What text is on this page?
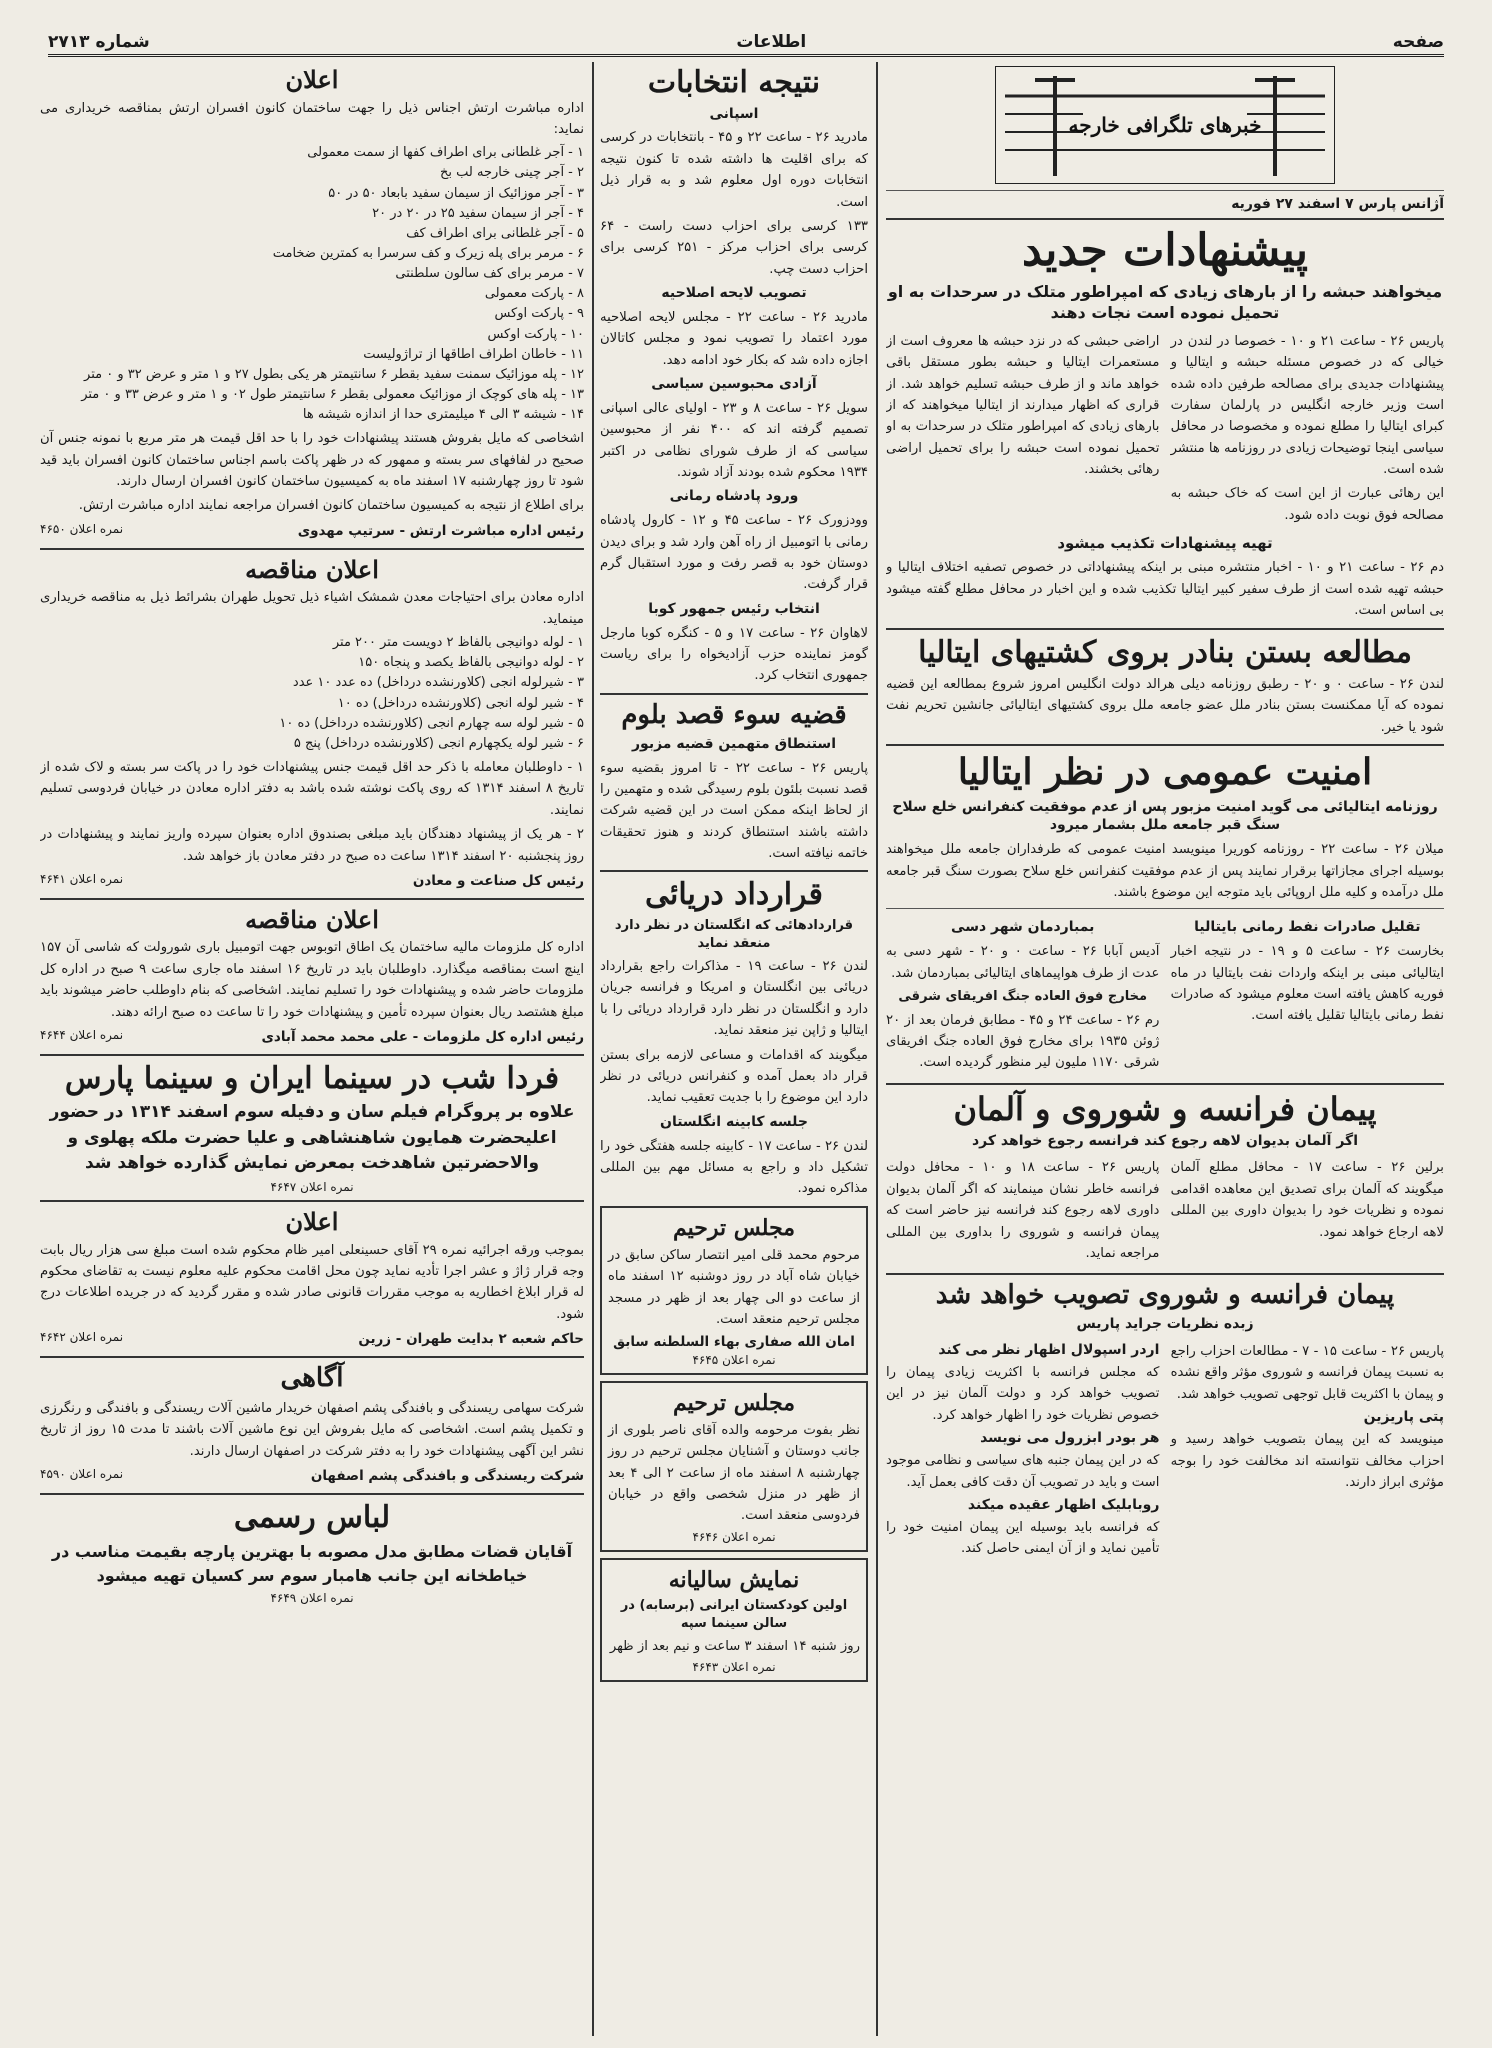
صفحه
اطلاعات
شماره ۲۷۱۳
خبرهای تلگرافی خارجه
آژانس پارس ۷ اسفند ۲۷ فوریه
پیشنهادات جدید
میخواهند حبشه را از بارهای زیادی که امپراطور متلک در سرحدات به او تحمیل نموده است نجات دهند

پاریس ۲۶ - ساعت ۲۱ و ۱۰ - خصوصا در لندن در خیالی که در خصوص مسئله حبشه و ایتالیا و پیشنهادات جدیدی برای مصالحه طرفین داده شده است وزیر خارجه انگلیس در پارلمان سفارت کبرای ایتالیا را مطلع نموده و مخصوصا در محافل سیاسی اینجا توضیحات زیادی در روزنامه ها منتشر شده است.

این رهائی عبارت از این است که خاک حبشه به مصالحه فوق نوبت داده شود.

اراضی حبشی که در نزد حبشه ها معروف است از مستعمرات ایتالیا و حبشه بطور مستقل باقی خواهد ماند و از طرف حبشه تسلیم خواهد شد. از قراری که اظهار میدارند از ایتالیا میخواهند که از بارهای زیادی که امپراطور متلک در سرحدات به او تحمیل نموده است حبشه را برای تحمیل اراضی رهائی بخشند.

تهیه پیشنهادات تکذیب میشود

دم ۲۶ - ساعت ۲۱ و ۱۰ - اخبار منتشره مبنی بر اینکه پیشنهاداتی در خصوص تصفیه اختلاف ایتالیا و حبشه تهیه شده است از طرف سفیر کبیر ایتالیا تکذیب شده و این اخبار در محافل مطلع گفته میشود بی اساس است.

مطالعه بستن بنادر بروی کشتیهای ایتالیا

لندن ۲۶ - ساعت ۰ و ۲۰ - رطبق روزنامه دیلی هرالد دولت انگلیس امروز شروع بمطالعه این قضیه نموده که آیا ممکنست بستن بنادر ملل عضو جامعه ملل بروی کشتیهای ایتالیائی جانشین تحریم نفت شود یا خیر.

امنیت عمومی در نظر ایتالیا
روزنامه ایتالیائی می گوید امنیت مزبور پس از عدم موفقیت کنفرانس خلع سلاح سنگ قبر جامعه ملل بشمار میرود

میلان ۲۶ - ساعت ۲۲ - روزنامه کوریرا مینویسد امنیت عمومی که طرفداران جامعه ملل میخواهند بوسیله اجرای مجازاتها برقرار نمایند پس از عدم موفقیت کنفرانس خلع سلاح بصورت سنگ قبر جامعه ملل درآمده و کلیه ملل اروپائی باید متوجه این موضوع باشند.

تقلیل صادرات نفط رمانی بایتالیا

بخارست ۲۶ - ساعت ۵ و ۱۹ - در نتیجه اخبار ایتالیائی مبنی بر اینکه واردات نفت بایتالیا در ماه فوریه کاهش یافته است معلوم میشود که صادرات نفط رمانی بایتالیا تقلیل یافته است.

بمباردمان شهر دسی

آدیس آبابا ۲۶ - ساعت ۰ و ۲۰ - شهر دسی به عدت از طرف هواپیماهای ایتالیائی بمباردمان شد.

مخارج فوق العاده جنگ افریقای شرقی

رم ۲۶ - ساعت ۲۴ و ۴۵ - مطابق فرمان بعد از ۲۰ ژوئن ۱۹۳۵ برای مخارج فوق العاده جنگ افریقای شرقی ۱۱۷۰ ملیون لیر منظور گردیده است.

پیمان فرانسه و شوروی و آلمان
اگر آلمان بدیوان لاهه رجوع کند فرانسه رجوع خواهد کرد

برلین ۲۶ - ساعت ۱۷ - محافل مطلع آلمان میگویند که آلمان برای تصدیق این معاهده اقدامی نموده و نظریات خود را بدیوان داوری بین المللی لاهه ارجاع خواهد نمود.

پاریس ۲۶ - ساعت ۱۸ و ۱۰ - محافل دولت فرانسه خاطر نشان مینمایند که اگر آلمان بدیوان داوری لاهه رجوع کند فرانسه نیز حاضر است که پیمان فرانسه و شوروی را بداوری بین المللی مراجعه نماید.

پیمان فرانسه و شوروی تصویب خواهد شد
زبده نظریات جراید پاریس

پاریس ۲۶ - ساعت ۱۵ - ۷ - مطالعات احزاب راجع به نسبت پیمان فرانسه و شوروی مؤثر واقع نشده و پیمان با اکثریت قابل توجهی تصویب خواهد شد.

پتی پاریزین

مینویسد که این پیمان بتصویب خواهد رسید و احزاب مخالف نتوانسته اند مخالفت خود را بوجه مؤثری ابراز دارند.

اردر اسپولال اظهار نظر می کند

که مجلس فرانسه با اکثریت زیادی پیمان را تصویب خواهد کرد و دولت آلمان نیز در این خصوص نظریات خود را اظهار خواهد کرد.

هر بودر ابزرول می نویسد

که در این پیمان جنبه های سیاسی و نظامی موجود است و باید در تصویب آن دقت کافی بعمل آید.

روبابلیک اظهار عقیده میکند

که فرانسه باید بوسیله این پیمان امنیت خود را تأمین نماید و از آن ایمنی حاصل کند.

نتیجه انتخابات
اسپانی

مادرید ۲۶ - ساعت ۲۲ و ۴۵ - بانتخابات در کرسی که برای اقلیت ها داشته شده تا کنون نتیجه انتخابات دوره اول معلوم شد و به قرار ذیل است.

۱۳۳ کرسی برای احزاب دست راست - ۶۴ کرسی برای احزاب مرکز - ۲۵۱ کرسی برای احزاب دست چپ.

تصویب لایحه اصلاحیه

مادرید ۲۶ - ساعت ۲۲ - مجلس لایحه اصلاحیه مورد اعتماد را تصویب نمود و مجلس کاتالان اجازه داده شد که بکار خود ادامه دهد.

آزادی محبوسین سیاسی

سویل ۲۶ - ساعت ۸ و ۲۳ - اولیای عالی اسپانی تصمیم گرفته اند که ۴۰۰ نفر از محبوسین سیاسی که از طرف شورای نظامی در اکتبر ۱۹۳۴ محکوم شده بودند آزاد شوند.

ورود پادشاه رمانی

وودزورک ۲۶ - ساعت ۴۵ و ۱۲ - کارول پادشاه رمانی با اتومبیل از راه آهن وارد شد و برای دیدن دوستان خود به قصر رفت و مورد استقبال گرم قرار گرفت.

انتخاب رئیس جمهور کوبا

لاهاوان ۲۶ - ساعت ۱۷ و ۵ - کنگره کوبا مارجل گومز نماینده حزب آزادیخواه را برای ریاست جمهوری انتخاب کرد.

قضیه سوء قصد بلوم
استنطاق متهمین قضیه مزبور

پاریس ۲۶ - ساعت ۲۲ - تا امروز بقضیه سوء قصد نسبت بلئون بلوم رسیدگی شده و متهمین را از لحاظ اینکه ممکن است در این قضیه شرکت داشته باشند استنطاق کردند و هنوز تحقیقات خاتمه نیافته است.

قرارداد دریائی
قراردادهائی که انگلستان در نظر دارد منعقد نماید

لندن ۲۶ - ساعت ۱۹ - مذاکرات راجع بقرارداد دریائی بین انگلستان و امریکا و فرانسه جریان دارد و انگلستان در نظر دارد قرارداد دریائی را با ایتالیا و ژاپن نیز منعقد نماید.

میگویند که اقدامات و مساعی لازمه برای بستن قرار داد بعمل آمده و کنفرانس دریائی در نظر دارد این موضوع را با جدیت تعقیب نماید.

جلسه کابینه انگلستان

لندن ۲۶ - ساعت ۱۷ - کابینه جلسه هفتگی خود را تشکیل داد و راجع به مسائل مهم بین المللی مذاکره نمود.

مجلس ترحیم

مرحوم محمد قلی امیر انتصار ساکن سابق در خیابان شاه آباد در روز دوشنبه ۱۲ اسفند ماه از ساعت دو الی چهار بعد از ظهر در مسجد مجلس ترحیم منعقد است.

امان الله صفاری بهاء السلطنه سابق
نمره اعلان ۴۶۴۵
مجلس ترحیم

نظر بفوت مرحومه والده آقای ناصر بلوری از جانب دوستان و آشنایان مجلس ترحیم در روز چهارشنبه ۸ اسفند ماه از ساعت ۲ الی ۴ بعد از ظهر در منزل شخصی واقع در خیابان فردوسی منعقد است.

نمره اعلان ۴۶۴۶
نمایش سالیانه
اولین کودکستان ایرانی (برسابه) در سالن سینما سپه

روز شنبه ۱۴ اسفند ۳ ساعت و نیم بعد از ظهر

نمره اعلان ۴۶۴۳
اعلان

اداره مباشرت ارتش اجناس ذیل را جهت ساختمان کانون افسران ارتش بمناقصه خریداری می نماید:

۱ - آجر غلطانی برای اطراف کفها از سمت معمولی
۲ - آجر چینی خارجه لب بخ
۳ - آجر موزائیک از سیمان سفید بابعاد ۵۰ در ۵۰
۴ - آجر از سیمان سفید ۲۵ در ۲۰ در ۲۰
۵ - آجر غلطانی برای اطراف کف
۶ - مرمر برای پله زیرک و کف سرسرا به کمترین ضخامت
۷ - مرمر برای کف سالون سلطنتی
۸ - پارکت معمولی
۹ - پارکت اوکس
۱۰ - پارکت اوکس
۱۱ - خاطان اطراف اطاقها از تراژولیست
۱۲ - پله موزائیک سمنت سفید بقطر ۶ سانتیمتر هر یکی بطول ۲۷ و ۱ متر و عرض ۳۲ و ۰ متر
۱۳ - پله های کوچک از موزائیک معمولی بقطر ۶ سانتیمتر طول ۰۲ و ۱ متر و عرض ۳۳ و ۰ متر
۱۴ - شیشه ۳ الی ۴ میلیمتری حدا از اندازه شیشه ها

اشخاصی که مایل بفروش هستند پیشنهادات خود را با حد اقل قیمت هر متر مربع با نمونه جنس آن صحیح در لفافهای سر بسته و ممهور که در ظهر پاکت باسم اجناس ساختمان کانون افسران باید قید شود تا روز چهارشنبه ۱۷ اسفند ماه به کمیسیون ساختمان کانون افسران ارسال دارند.

برای اطلاع از نتیجه به کمیسیون ساختمان کانون افسران مراجعه نمایند اداره مباشرت ارتش.

رئیس اداره مباشرت ارتش - سرتیپ مهدوی
نمره اعلان ۴۶۵۰
اعلان مناقصه

اداره معادن برای احتیاجات معدن شمشک اشیاء ذیل تحویل طهران بشرائط ذیل به مناقصه خریداری مینماید.

۱ - لوله دوانیجی بالفاظ ۲ دویست متر ۲۰۰ متر
۲ - لوله دوانیجی بالفاظ یکصد و پنجاه ۱۵۰
۳ - شیرلوله انجی (کلاورنشده درداخل) ده عدد ۱۰ عدد
۴ - شیر لوله انجی (کلاورنشده درداخل) ده ۱۰
۵ - شیر لوله سه چهارم انجی (کلاورنشده درداخل) ده ۱۰
۶ - شیر لوله یکچهارم انجی (کلاورنشده درداخل) پنج ۵

۱ - داوطلبان معامله با ذکر حد اقل قیمت جنس پیشنهادات خود را در پاکت سر بسته و لاک شده از تاریخ ۸ اسفند ۱۳۱۴ که روی پاکت نوشته شده باشد به دفتر اداره معادن در خیابان فردوسی تسلیم نمایند.

۲ - هر یک از پیشنهاد دهندگان باید مبلغی بصندوق اداره بعنوان سپرده واریز نمایند و پیشنهادات در روز پنجشنبه ۲۰ اسفند ۱۳۱۴ ساعت ده صبح در دفتر معادن باز خواهد شد.

رئیس کل صناعت و معادن
نمره اعلان ۴۶۴۱
اعلان مناقصه

اداره کل ملزومات مالیه ساختمان یک اطاق اتوبوس جهت اتومبیل باری شورولت که شاسی آن ۱۵۷ اینچ است بمناقصه میگذارد. داوطلبان باید در تاریخ ۱۶ اسفند ماه جاری ساعت ۹ صبح در اداره کل ملزومات حاضر شده و پیشنهادات خود را تسلیم نمایند. اشخاصی که بنام داوطلب حاضر میشوند باید مبلغ هشتصد ریال بعنوان سپرده تأمین و پیشنهادات خود را تا ساعت ده صبح ارائه دهند.

رئیس اداره کل ملزومات - علی محمد محمد آبادی
نمره اعلان ۴۶۴۴
فردا شب در سینما ایران و سینما پارس

علاوه بر پروگرام فیلم سان و دفیله سوم اسفند ۱۳۱۴ در حضور اعلیحضرت همایون شاهنشاهی و علیا حضرت ملکه پهلوی و والاحضرتین شاهدخت بمعرض نمایش گذارده خواهد شد

نمره اعلان ۴۶۴۷
اعلان

بموجب ورقه اجرائیه نمره ۲۹ آقای حسینعلی امیر ظام محکوم شده است مبلغ سی هزار ریال بابت وجه قرار ژاژ و عشر اجرا تأدیه نماید چون محل اقامت محکوم علیه معلوم نیست به تقاضای محکوم له قرار ابلاغ اخطاریه به موجب مقررات قانونی صادر شده و مقرر گردید که در جریده اطلاعات درج شود.

حاکم شعبه ۲ بدایت طهران - زرین
نمره اعلان ۴۶۴۲
آگاهی

شرکت سهامی ریسندگی و بافندگی پشم اصفهان خریدار ماشین آلات ریسندگی و بافندگی و رنگرزی و تکمیل پشم است. اشخاصی که مایل بفروش این نوع ماشین آلات باشند تا مدت ۱۵ روز از تاریخ نشر این آگهی پیشنهادات خود را به دفتر شرکت در اصفهان ارسال دارند.

شرکت ریسندگی و بافندگی پشم اصفهان
نمره اعلان ۴۵۹۰
لباس رسمی

آقایان قضات مطابق مدل مصوبه با بهترین پارچه بقیمت مناسب در خیاطخانه این جانب هامبار سوم سر کسیان تهیه میشود

نمره اعلان ۴۶۴۹
